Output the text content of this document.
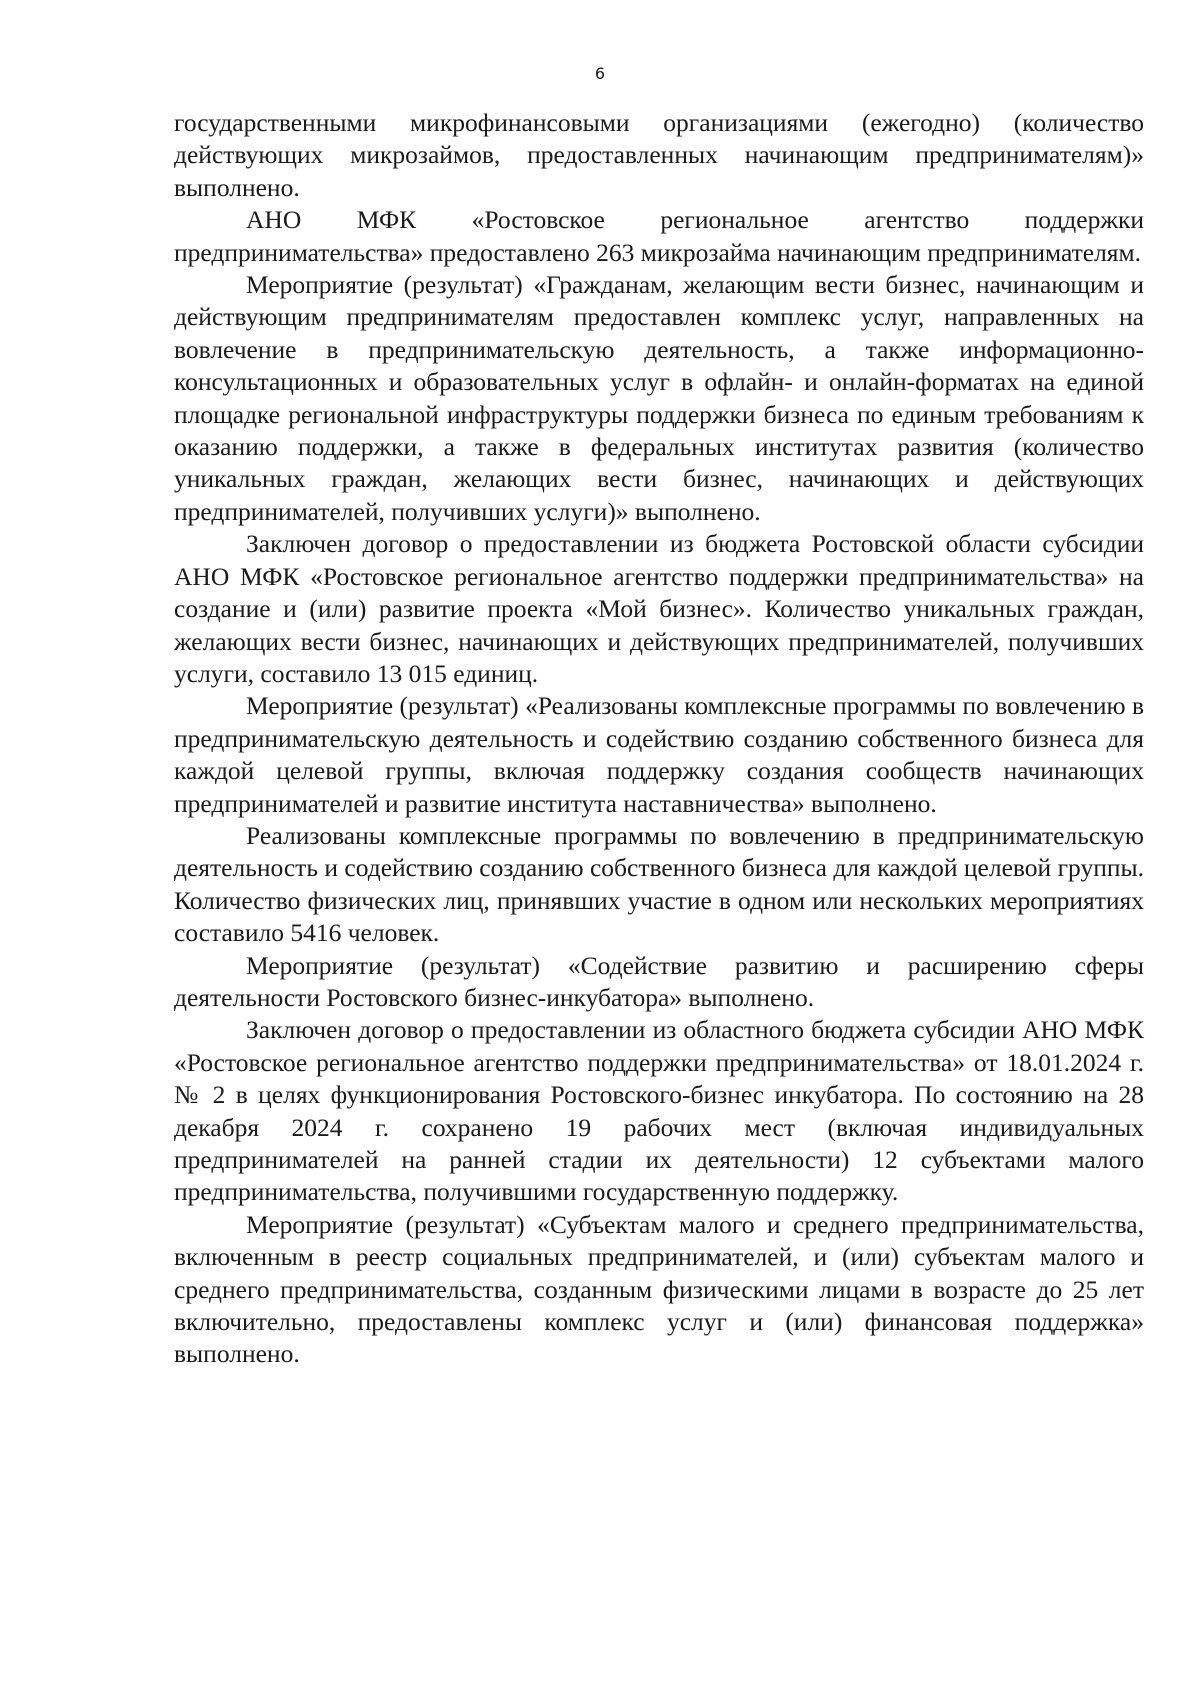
6

государственными микрофинансовыми организациями (ежегодно) (количество действующих микрозаймов, предоставленных начинающим предпринимателям)» выполнено.

АНО МФК «Ростовское региональное агентство поддержки предпринимательства» предоставлено 263 микрозайма начинающим предпринимателям.

Мероприятие (результат) «Гражданам, желающим вести бизнес, начинающим и действующим предпринимателям предоставлен комплекс услуг, направленных на вовлечение в предпринимательскую деятельность, а также информационно-консультационных и образовательных услуг в офлайн- и онлайн-форматах на единой площадке региональной инфраструктуры поддержки бизнеса по единым требованиям к оказанию поддержки, а также в федеральных институтах развития (количество уникальных граждан, желающих вести бизнес, начинающих и действующих предпринимателей, получивших услуги)» выполнено.

Заключен договор о предоставлении из бюджета Ростовской области субсидии АНО МФК «Ростовское региональное агентство поддержки предпринимательства» на создание и (или) развитие проекта «Мой бизнес». Количество уникальных граждан, желающих вести бизнес, начинающих и действующих предпринимателей, получивших услуги, составило 13 015 единиц.

Мероприятие (результат) «Реализованы комплексные программы по вовлечению в предпринимательскую деятельность и содействию созданию собственного бизнеса для каждой целевой группы, включая поддержку создания сообществ начинающих предпринимателей и развитие института наставничества» выполнено.

Реализованы комплексные программы по вовлечению в предпринимательскую деятельность и содействию созданию собственного бизнеса для каждой целевой группы. Количество физических лиц, принявших участие в одном или нескольких мероприятиях составило 5416 человек.

Мероприятие (результат) «Содействие развитию и расширению сферы деятельности Ростовского бизнес-инкубатора» выполнено.

Заключен договор о предоставлении из областного бюджета субсидии АНО МФК «Ростовское региональное агентство поддержки предпринимательства» от 18.01.2024 г. № 2 в целях функционирования Ростовского-бизнес инкубатора. По состоянию на 28 декабря 2024 г. сохранено 19 рабочих мест (включая индивидуальных предпринимателей на ранней стадии их деятельности) 12 субъектами малого предпринимательства, получившими государственную поддержку.

Мероприятие (результат) «Субъектам малого и среднего предпринимательства, включенным в реестр социальных предпринимателей, и (или) субъектам малого и среднего предпринимательства, созданным физическими лицами в возрасте до 25 лет включительно, предоставлены комплекс услуг и (или) финансовая поддержка» выполнено.
